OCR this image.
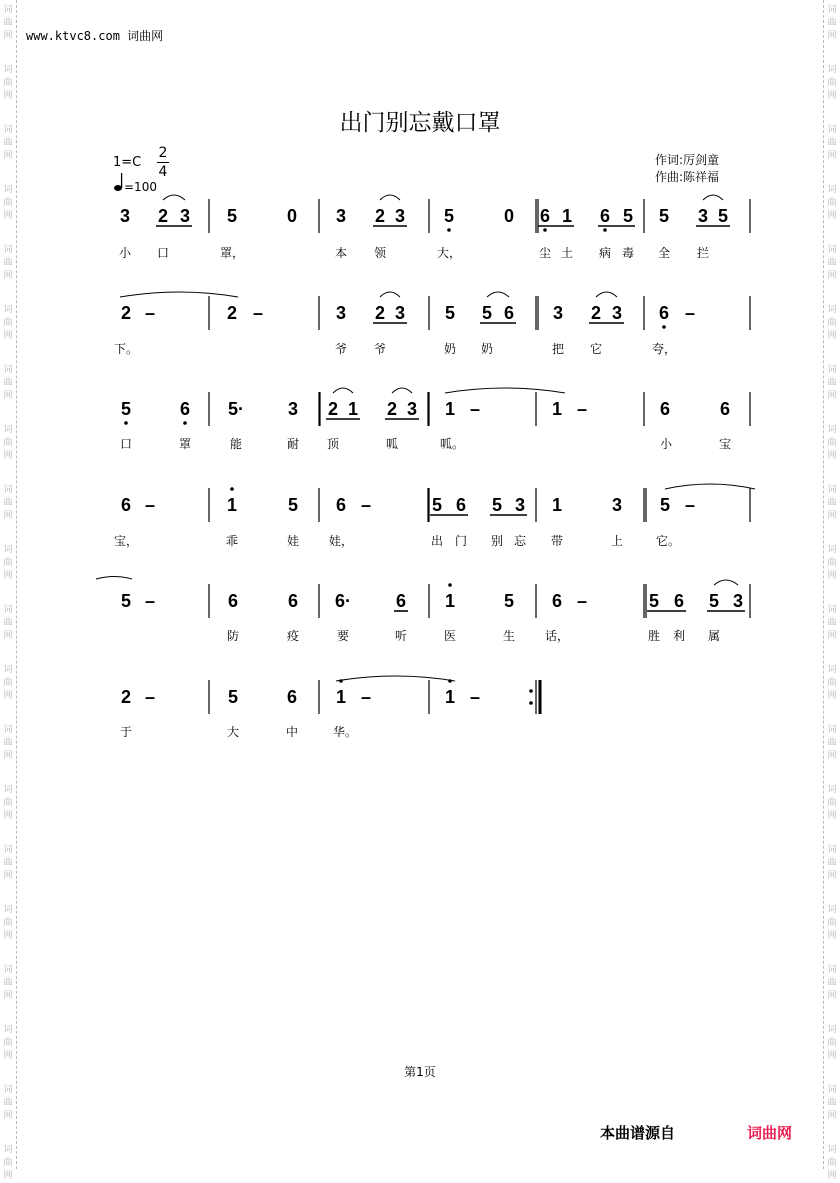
词
曲
网
词
曲
网
词
曲
网
词
曲
网
词
曲
网
词
曲
网
词
曲
网
词
曲
网
词
曲
网
词
曲
网
词
曲
网
词
曲
网
词
曲
网
词
曲
网
词
曲
网
词
曲
网
词
曲
网
词
曲
网
词
曲
网
词
曲
网
词
曲
网
词
曲
网
词
曲
网
词
曲
网
词
曲
网
词
曲
网
词
曲
网
词
曲
网
词
曲
网
词
曲
网
词
曲
网
词
曲
网
词
曲
网
词
曲
网
词
曲
网
词
曲
网
词
曲
网
词
曲
网
词
曲
网
词
曲
网
www.ktvc8.com 词曲网
出门别忘戴口罩
1=C
2
4
=100
作词:厉剑童
作曲:陈祥福
3 2 3 5	0 3 2 3 5	0 6 1 6 5 5 3 5
小 口	罩，	本 领	大，	尘 土 病 毒 全 拦
2 –	2 –	3 2 3 5 5 6 3 2 3 6 –
下。	爷 爷	奶 奶	把 它	夸，
5	6 5· 3 2 1 2 3 1 –	1 –	6	6
口	罩	能	耐 顶	呱	呱。	小	宝
6 –	1	5 6 –	5 6 5 3 1	3 5 –
宝，	乖	娃 娃，	出 门 别 忘 带	上	它。
5 –	6	6 6· 6 1	5 6 –	5 6 5 3
防	疫	要	听	医	生 话，	胜 利 属
2 –	5	6 1 –	1 –
于	大	中	华。
第1页
本曲谱源自	词曲网
